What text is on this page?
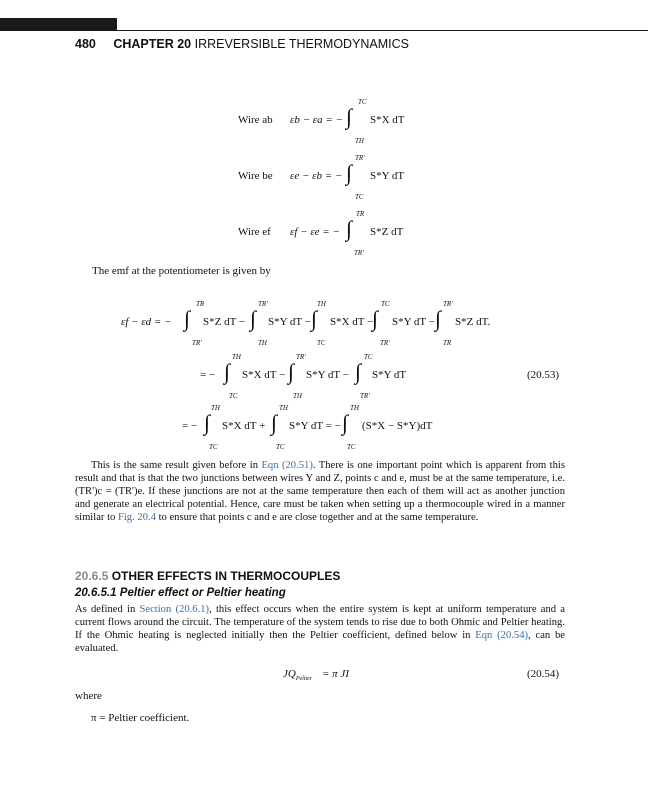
480 CHAPTER 20 IRREVERSIBLE THERMODYNAMICS
Wire ab εb − εa = −
TC
∫
TH
S*X dT
Wire be εe − εb = −
TR'
∫
TC
S*Y dT
Wire ef εf − εe = −
TR
∫
TR'
S*Z dT
The emf at the potentiometer is given by
εf − εd = −
TR
∫
TR'
S*Z dT −
TR'
∫
TH
S*Y dT −
TH
∫
TC
S*X dT −
TC
∫
TR'
S*Y dT −
TR'
∫
TR
S*Z dT.
= −
TH
∫
TC
S*X dT −
TR'
∫
TH
S*Y dT −
TC
∫
TR'
S*Y dT	(20.53)
= −
TH
∫
TC
S*X dT +
TH
∫
TC
S*Y dT = −
TH
∫
TC
(S*X − S*Y)dT
This is the same result given before in Eqn (20.51). There is one important point which is apparent from this result and that is that the two junctions between wires Y and Z, points c and e, must be at the same temperature, i.e. (TR')c = (TR')e. If these junctions are not at the same temperature then each of them will act as another junction and generate an electrical potential. Hence, care must be taken when setting up a thermocouple wired in a manner similar to Fig. 20.4 to ensure that points c and e are close together and at the same temperature.
20.6.5 OTHER EFFECTS IN THERMOCOUPLES
20.6.5.1 Peltier effect or Peltier heating
As defined in Section (20.6.1), this effect occurs when the entire system is kept at uniform temperature and a current flows around the circuit. The temperature of the system tends to rise due to both Ohmic and Peltier heating. If the Ohmic heating is neglected initially then the Peltier coefficient, defined below in Eqn (20.54), can be evaluated.
$JQ_{Peltier} = \pi$ JI	(20.54)
where
π = Peltier coefficient.
